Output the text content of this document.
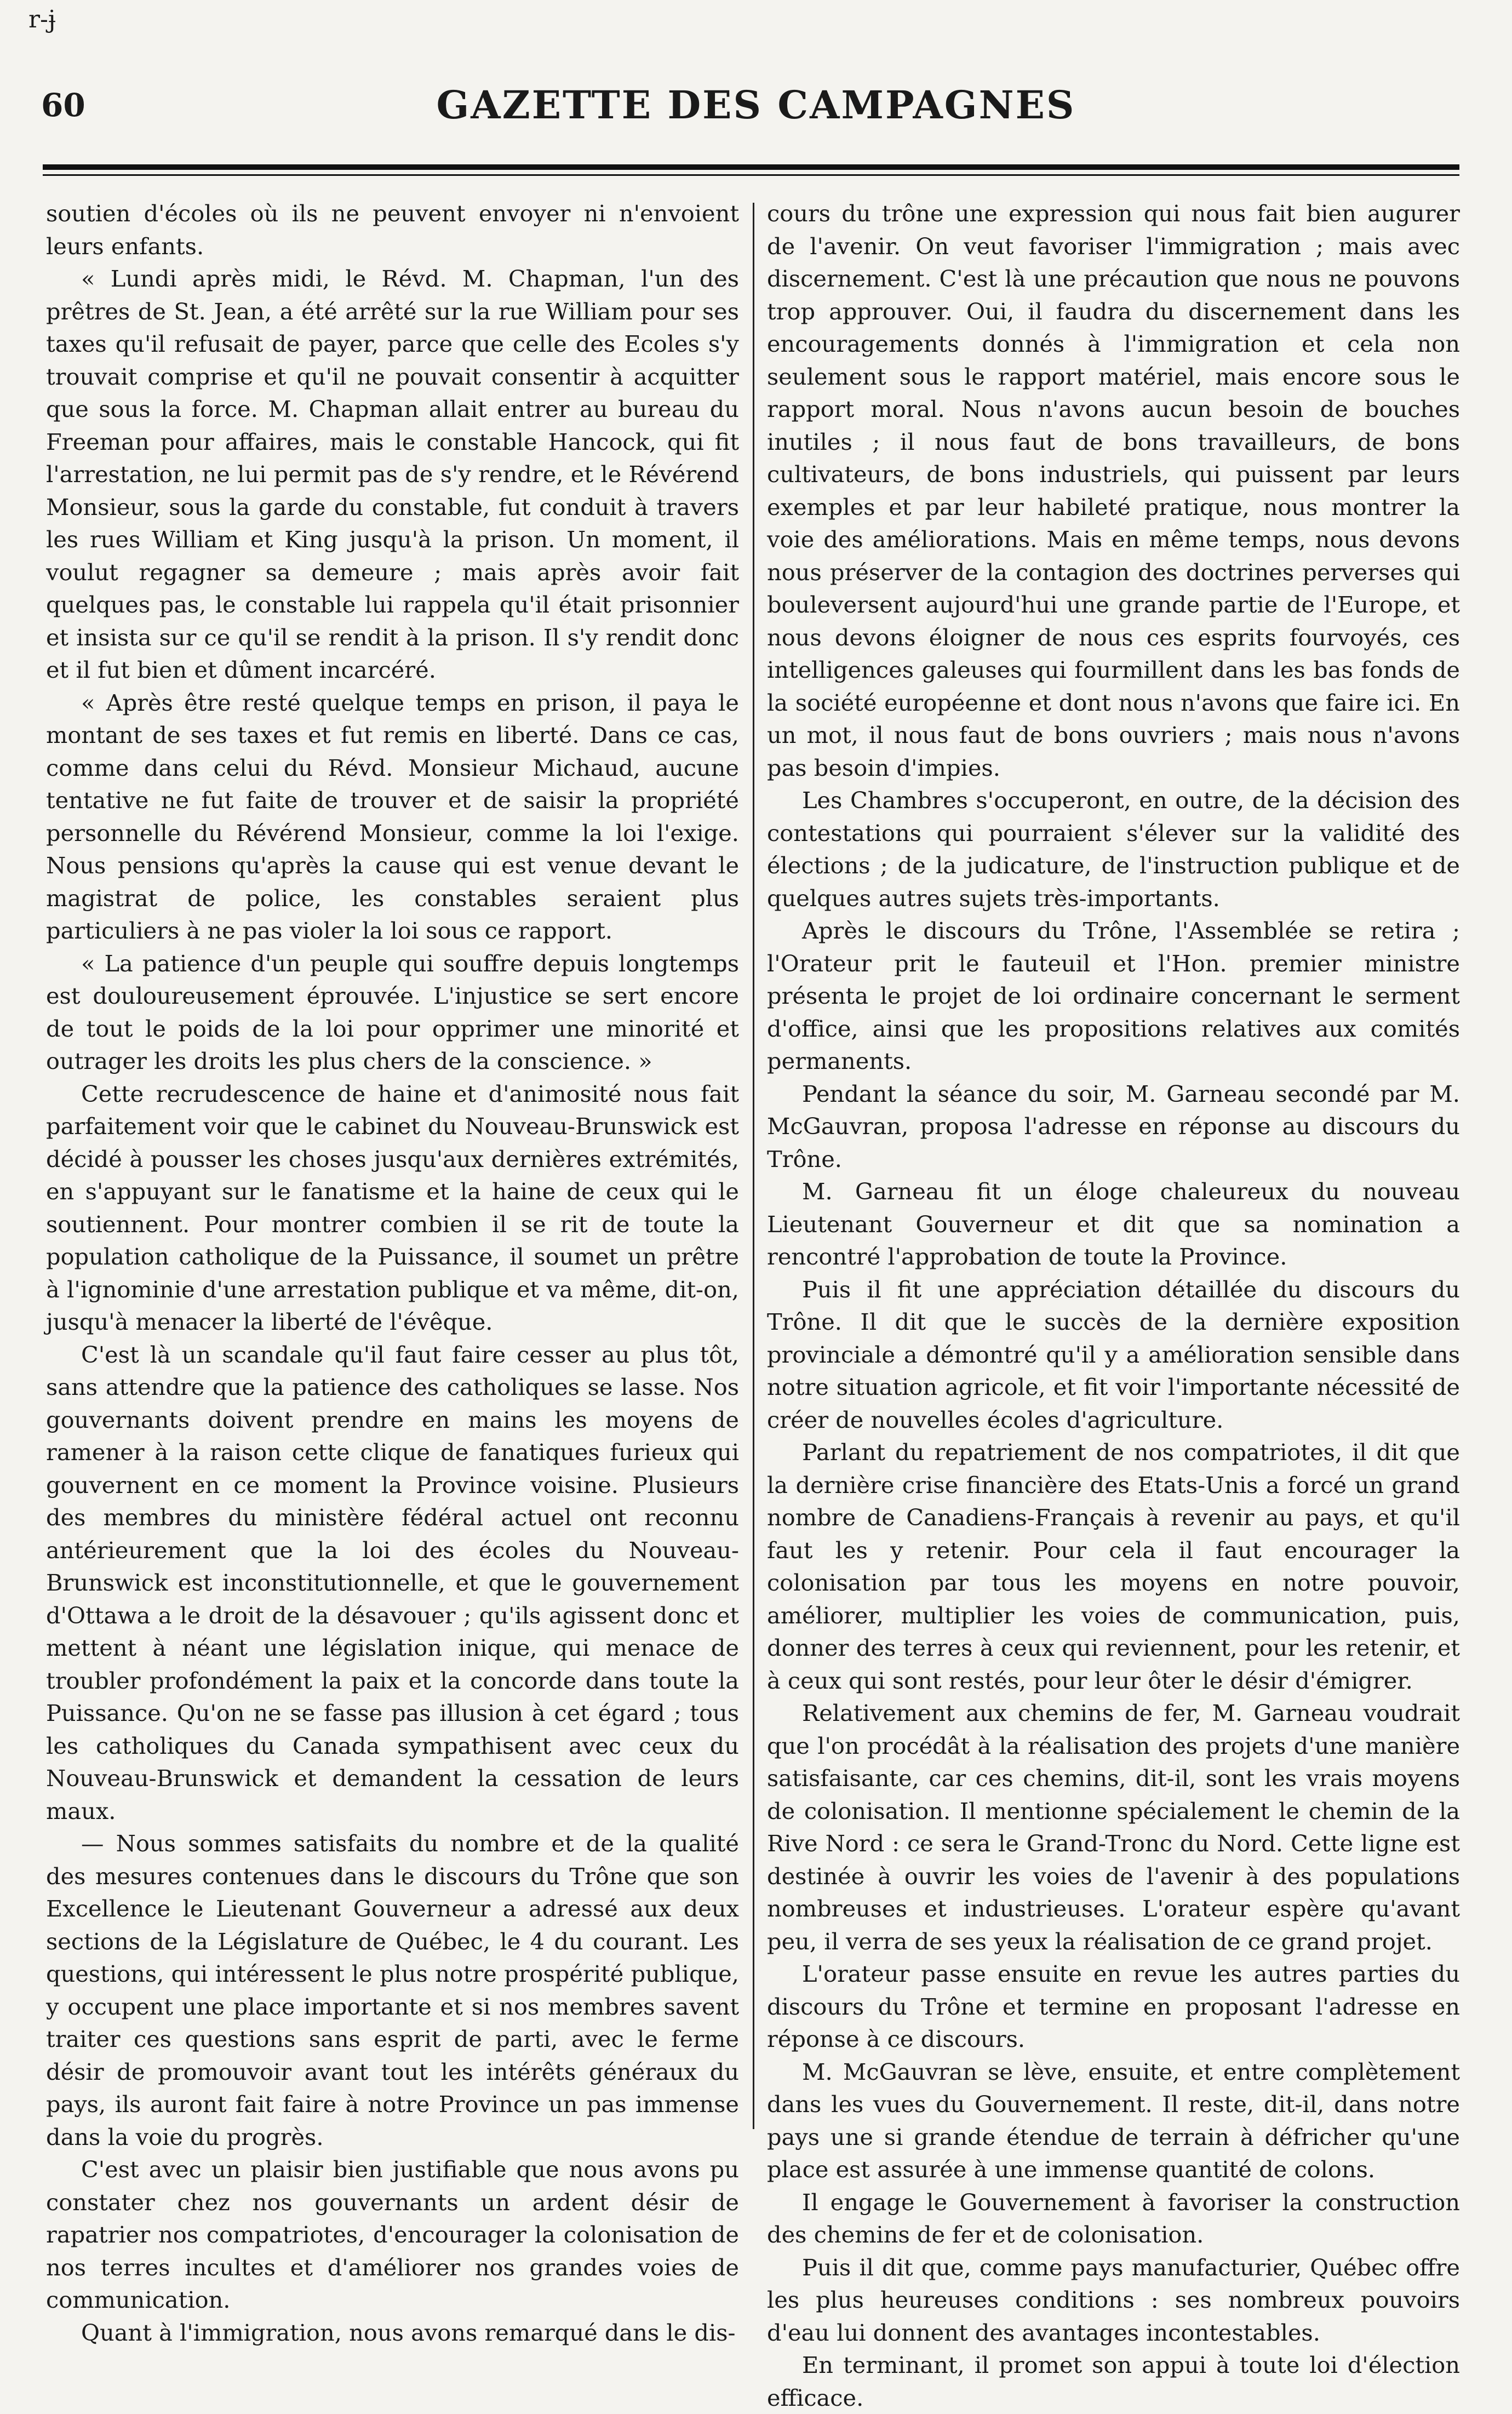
r-ɉ
60	GAZETTE DES CAMPAGNES

soutien d'écoles où ils ne peuvent envoyer ni n'envoient leurs enfants.

« Lundi après midi, le Révd. M. Chapman, l'un des prêtres de St. Jean, a été arrêté sur la rue William pour ses taxes qu'il refusait de payer, parce que celle des Ecoles s'y trouvait comprise et qu'il ne pouvait consentir à acquitter que sous la force. M. Chapman allait entrer au bureau du Freeman pour affaires, mais le constable Hancock, qui fit l'arrestation, ne lui permit pas de s'y rendre, et le Révérend Monsieur, sous la garde du constable, fut conduit à travers les rues William et King jusqu'à la prison. Un moment, il voulut regagner sa demeure ; mais après avoir fait quelques pas, le constable lui rappela qu'il était prisonnier et insista sur ce qu'il se rendit à la prison. Il s'y rendit donc et il fut bien et dûment incarcéré.

« Après être resté quelque temps en prison, il paya le montant de ses taxes et fut remis en liberté. Dans ce cas, comme dans celui du Révd. Monsieur Michaud, aucune tentative ne fut faite de trouver et de saisir la propriété personnelle du Révérend Monsieur, comme la loi l'exige. Nous pensions qu'après la cause qui est venue devant le magistrat de police, les constables seraient plus particuliers à ne pas violer la loi sous ce rapport.

« La patience d'un peuple qui souffre depuis longtemps est douloureusement éprouvée. L'injustice se sert encore de tout le poids de la loi pour opprimer une minorité et outrager les droits les plus chers de la conscience. »

Cette recrudescence de haine et d'animosité nous fait parfaitement voir que le cabinet du Nouveau-Brunswick est décidé à pousser les choses jusqu'aux dernières extrémités, en s'appuyant sur le fanatisme et la haine de ceux qui le soutiennent. Pour montrer combien il se rit de toute la population catholique de la Puissance, il soumet un prêtre à l'ignominie d'une arrestation publique et va même, dit-on, jusqu'à menacer la liberté de l'évêque.

C'est là un scandale qu'il faut faire cesser au plus tôt, sans attendre que la patience des catholiques se lasse. Nos gouvernants doivent prendre en mains les moyens de ramener à la raison cette clique de fanatiques furieux qui gouvernent en ce moment la Province voisine. Plusieurs des membres du ministère fédéral actuel ont reconnu antérieurement que la loi des écoles du Nouveau-Brunswick est inconstitutionnelle, et que le gouvernement d'Ottawa a le droit de la désavouer ; qu'ils agissent donc et mettent à néant une législation inique, qui menace de troubler profondément la paix et la concorde dans toute la Puissance. Qu'on ne se fasse pas illusion à cet égard ; tous les catholiques du Canada sympathisent avec ceux du Nouveau-Brunswick et demandent la cessation de leurs maux.

— Nous sommes satisfaits du nombre et de la qualité des mesures contenues dans le discours du Trône que son Excellence le Lieutenant Gouverneur a adressé aux deux sections de la Législature de Québec, le 4 du courant. Les questions, qui intéressent le plus notre prospérité publique, y occupent une place importante et si nos membres savent traiter ces questions sans esprit de parti, avec le ferme désir de promouvoir avant tout les intérêts généraux du pays, ils auront fait faire à notre Province un pas immense dans la voie du progrès.

C'est avec un plaisir bien justifiable que nous avons pu constater chez nos gouvernants un ardent désir de rapatrier nos compatriotes, d'encourager la colonisation de nos terres incultes et d'améliorer nos grandes voies de communication.

Quant à l'immigration, nous avons remarqué dans le dis-

cours du trône une expression qui nous fait bien augurer de l'avenir. On veut favoriser l'immigration ; mais avec discernement. C'est là une précaution que nous ne pouvons trop approuver. Oui, il faudra du discernement dans les encouragements donnés à l'immigration et cela non seulement sous le rapport matériel, mais encore sous le rapport moral. Nous n'avons aucun besoin de bouches inutiles ; il nous faut de bons travailleurs, de bons cultivateurs, de bons industriels, qui puissent par leurs exemples et par leur habileté pratique, nous montrer la voie des améliorations. Mais en même temps, nous devons nous préserver de la contagion des doctrines perverses qui bouleversent aujourd'hui une grande partie de l'Europe, et nous devons éloigner de nous ces esprits fourvoyés, ces intelligences galeuses qui fourmillent dans les bas fonds de la société européenne et dont nous n'avons que faire ici. En un mot, il nous faut de bons ouvriers ; mais nous n'avons pas besoin d'impies.

Les Chambres s'occuperont, en outre, de la décision des contestations qui pourraient s'élever sur la validité des élections ; de la judicature, de l'instruction publique et de quelques autres sujets très-importants.

Après le discours du Trône, l'Assemblée se retira ; l'Orateur prit le fauteuil et l'Hon. premier ministre présenta le projet de loi ordinaire concernant le serment d'office, ainsi que les propositions relatives aux comités permanents.

Pendant la séance du soir, M. Garneau secondé par M. McGauvran, proposa l'adresse en réponse au discours du Trône.

M. Garneau fit un éloge chaleureux du nouveau Lieutenant Gouverneur et dit que sa nomination a rencontré l'approbation de toute la Province.

Puis il fit une appréciation détaillée du discours du Trône. Il dit que le succès de la dernière exposition provinciale a démontré qu'il y a amélioration sensible dans notre situation agricole, et fit voir l'importante nécessité de créer de nouvelles écoles d'agriculture.

Parlant du repatriement de nos compatriotes, il dit que la dernière crise financière des Etats-Unis a forcé un grand nombre de Canadiens-Français à revenir au pays, et qu'il faut les y retenir. Pour cela il faut encourager la colonisation par tous les moyens en notre pouvoir, améliorer, multiplier les voies de communication, puis, donner des terres à ceux qui reviennent, pour les retenir, et à ceux qui sont restés, pour leur ôter le désir d'émigrer.

Relativement aux chemins de fer, M. Garneau voudrait que l'on procédât à la réalisation des projets d'une manière satisfaisante, car ces chemins, dit-il, sont les vrais moyens de colonisation. Il mentionne spécialement le chemin de la Rive Nord : ce sera le Grand-Tronc du Nord. Cette ligne est destinée à ouvrir les voies de l'avenir à des populations nombreuses et industrieuses. L'orateur espère qu'avant peu, il verra de ses yeux la réalisation de ce grand projet.

L'orateur passe ensuite en revue les autres parties du discours du Trône et termine en proposant l'adresse en réponse à ce discours.

M. McGauvran se lève, ensuite, et entre complètement dans les vues du Gouvernement. Il reste, dit-il, dans notre pays une si grande étendue de terrain à défricher qu'une place est assurée à une immense quantité de colons.

Il engage le Gouvernement à favoriser la construction des chemins de fer et de colonisation.

Puis il dit que, comme pays manufacturier, Québec offre les plus heureuses conditions : ses nombreux pouvoirs d'eau lui donnent des avantages incontestables.

En terminant, il promet son appui à toute loi d'élection efficace.
